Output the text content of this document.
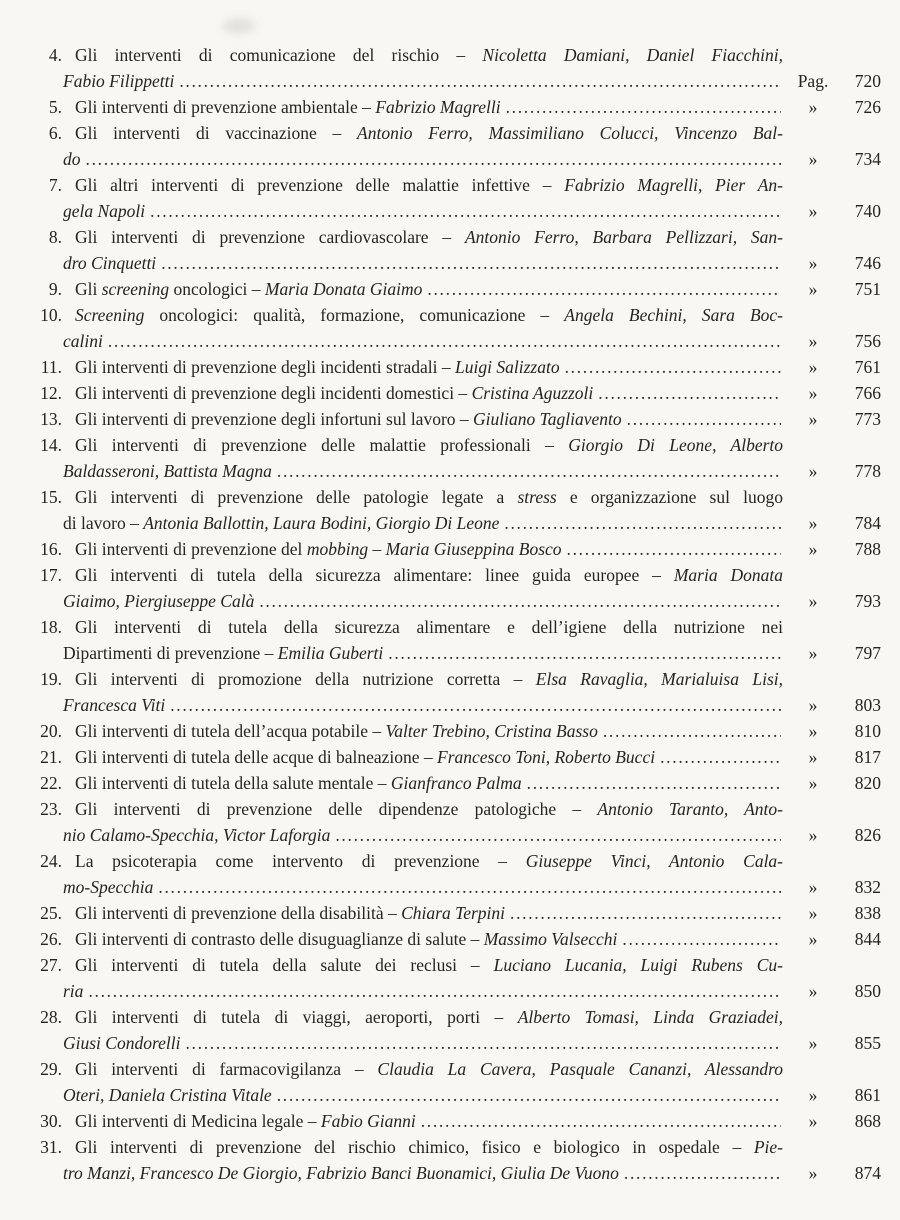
4. Gli interventi di comunicazione del rischio – Nicoletta Damiani, Daniel Fiacchini,
Fabio Filippetti .....	Pag.	720
5. Gli interventi di prevenzione ambientale – Fabrizio Magrelli .....	»	726
6. Gli interventi di vaccinazione – Antonio Ferro, Massimiliano Colucci, Vincenzo Bal-
do .....	»	734
7. Gli altri interventi di prevenzione delle malattie infettive – Fabrizio Magrelli, Pier An-
gela Napoli .....	»	740
8. Gli interventi di prevenzione cardiovascolare – Antonio Ferro, Barbara Pellizzari, San-
dro Cinquetti .....	»	746
9. Gli screening oncologici – Maria Donata Giaimo .....	»	751
10. Screening oncologici: qualità, formazione, comunicazione – Angela Bechini, Sara Boc-
calini .....	»	756
11. Gli interventi di prevenzione degli incidenti stradali – Luigi Salizzato .....	»	761
12. Gli interventi di prevenzione degli incidenti domestici – Cristina Aguzzoli .....	»	766
13. Gli interventi di prevenzione degli infortuni sul lavoro – Giuliano Tagliavento .....	»	773
14. Gli interventi di prevenzione delle malattie professionali – Giorgio Di Leone, Alberto
Baldasseroni, Battista Magna .....	»	778
15. Gli interventi di prevenzione delle patologie legate a stress e organizzazione sul luogo
di lavoro – Antonia Ballottin, Laura Bodini, Giorgio Di Leone .....	»	784
16. Gli interventi di prevenzione del mobbing – Maria Giuseppina Bosco .....	»	788
17. Gli interventi di tutela della sicurezza alimentare: linee guida europee – Maria Donata
Giaimo, Piergiuseppe Calà .....	»	793
18. Gli interventi di tutela della sicurezza alimentare e dell’igiene della nutrizione nei
Dipartimenti di prevenzione – Emilia Guberti .....	»	797
19. Gli interventi di promozione della nutrizione corretta – Elsa Ravaglia, Marialuisa Lisi,
Francesca Viti .....	»	803
20. Gli interventi di tutela dell’acqua potabile – Valter Trebino, Cristina Basso .....	»	810
21. Gli interventi di tutela delle acque di balneazione – Francesco Toni, Roberto Bucci .....	»	817
22. Gli interventi di tutela della salute mentale – Gianfranco Palma .....	»	820
23. Gli interventi di prevenzione delle dipendenze patologiche – Antonio Taranto, Anto-
nio Calamo-Specchia, Victor Laforgia .....	»	826
24. La psicoterapia come intervento di prevenzione – Giuseppe Vinci, Antonio Cala-
mo-Specchia .....	»	832
25. Gli interventi di prevenzione della disabilità – Chiara Terpini .....	»	838
26. Gli interventi di contrasto delle disuguaglianze di salute – Massimo Valsecchi .....	»	844
27. Gli interventi di tutela della salute dei reclusi – Luciano Lucania, Luigi Rubens Cu-
ria .....	»	850
28. Gli interventi di tutela di viaggi, aeroporti, porti – Alberto Tomasi, Linda Graziadei,
Giusi Condorelli .....	»	855
29. Gli interventi di farmacovigilanza – Claudia La Cavera, Pasquale Cananzi, Alessandro
Oteri, Daniela Cristina Vitale .....	»	861
30. Gli interventi di Medicina legale – Fabio Gianni .....	»	868
31. Gli interventi di prevenzione del rischio chimico, fisico e biologico in ospedale – Pie-
tro Manzi, Francesco De Giorgio, Fabrizio Banci Buonamici, Giulia De Vuono .....	»	874
